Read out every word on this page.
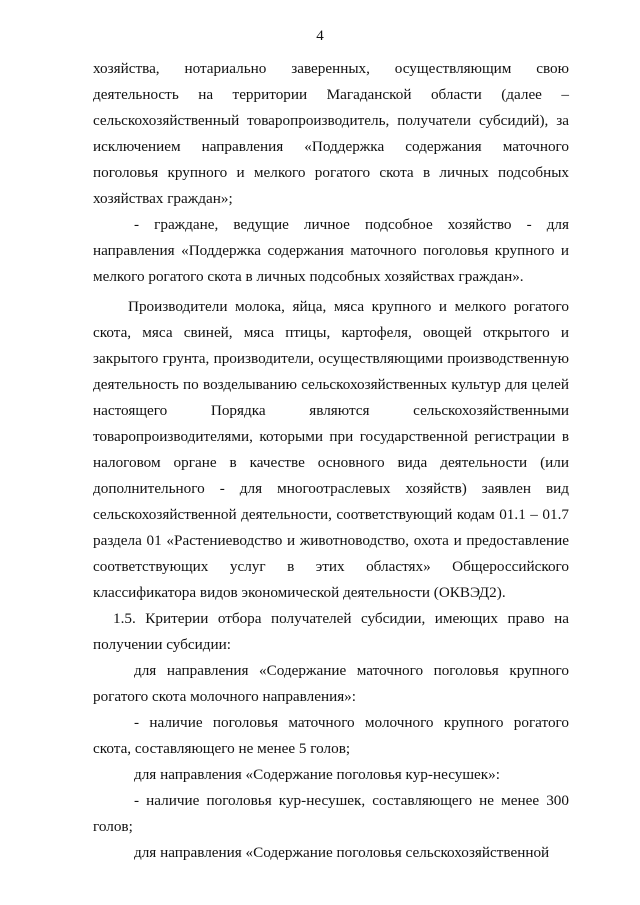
4

хозяйства, нотариально заверенных, осуществляющим свою деятельность на территории Магаданской области (далее – сельскохозяйственный товаропроизводитель, получатели субсидий), за исключением направления «Поддержка содержания маточного поголовья крупного и мелкого рогатого скота в личных подсобных хозяйствах граждан»;

- граждане, ведущие личное подсобное хозяйство - для направления «Поддержка содержания маточного поголовья крупного и мелкого рогатого скота в личных подсобных хозяйствах граждан».

Производители молока, яйца, мяса крупного и мелкого рогатого скота, мяса свиней, мяса птицы, картофеля, овощей открытого и закрытого грунта, производители, осуществляющими производственную деятельность по возделыванию сельскохозяйственных культур для целей настоящего Порядка являются сельскохозяйственными товаропроизводителями, которыми при государственной регистрации в налоговом органе в качестве основного вида деятельности (или дополнительного - для многоотраслевых хозяйств) заявлен вид сельскохозяйственной деятельности, соответствующий кодам 01.1 – 01.7 раздела 01 «Растениеводство и животноводство, охота и предоставление соответствующих услуг в этих областях» Общероссийского классификатора видов экономической деятельности (ОКВЭД2).

1.5. Критерии отбора получателей субсидии, имеющих право на получении субсидии:

для направления «Содержание маточного поголовья крупного рогатого скота молочного направления»:

- наличие поголовья маточного молочного крупного рогатого скота, составляющего не менее 5 голов;

для направления «Содержание поголовья кур-несушек»:

- наличие поголовья кур-несушек, составляющего не менее 300 голов;

для направления «Содержание поголовья сельскохозяйственной
